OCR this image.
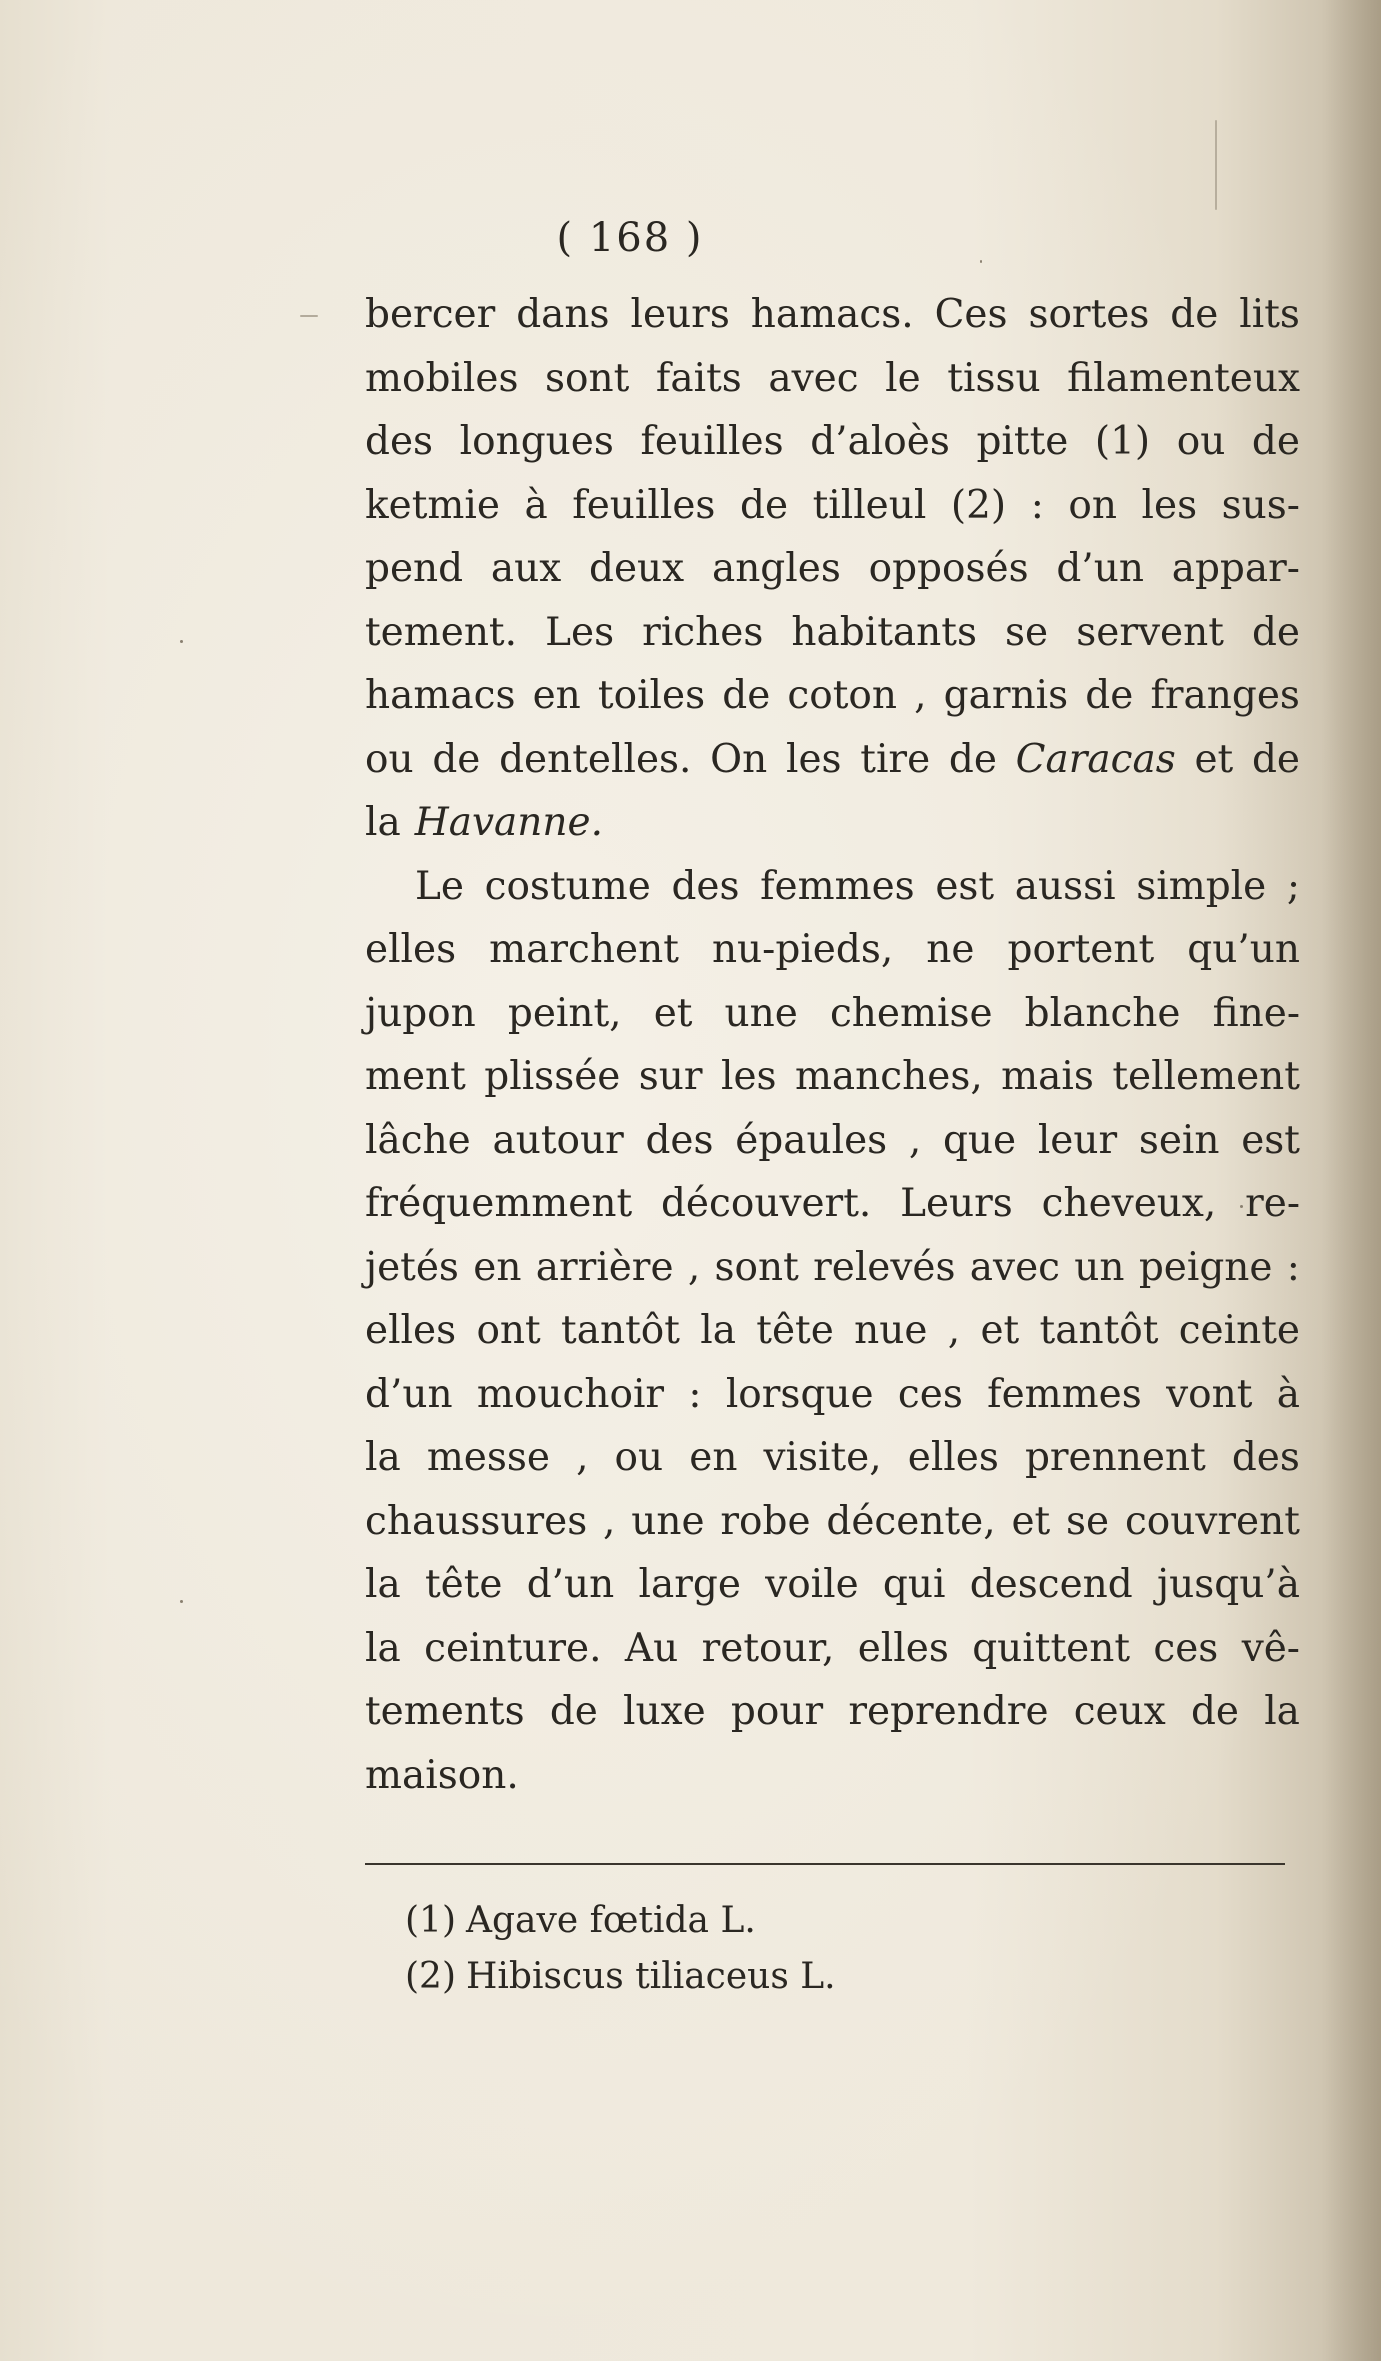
( 168 )
bercer dans leurs hamacs. Ces sortes de lits
mobiles sont faits avec le tissu filamenteux
des longues feuilles d’aloès pitte (1) ou de
ketmie à feuilles de tilleul (2) : on les sus-
pend aux deux angles opposés d’un appar-
tement. Les riches habitants se servent de
hamacs en toiles de coton , garnis de franges
ou de dentelles. On les tire de Caracas et de
la Havanne.
Le costume des femmes est aussi simple ;
elles marchent nu-pieds, ne portent qu’un
jupon peint, et une chemise blanche fine-
ment plissée sur les manches, mais tellement
lâche autour des épaules , que leur sein est
fréquemment découvert. Leurs cheveux, re-
jetés en arrière , sont relevés avec un peigne :
elles ont tantôt la tête nue , et tantôt ceinte
d’un mouchoir : lorsque ces femmes vont à
la messe , ou en visite, elles prennent des
chaussures , une robe décente, et se couvrent
la tête d’un large voile qui descend jusqu’à
la ceinture. Au retour, elles quittent ces vê-
tements de luxe pour reprendre ceux de la
maison.
(1) Agave fœtida L.
(2) Hibiscus tiliaceus L.
